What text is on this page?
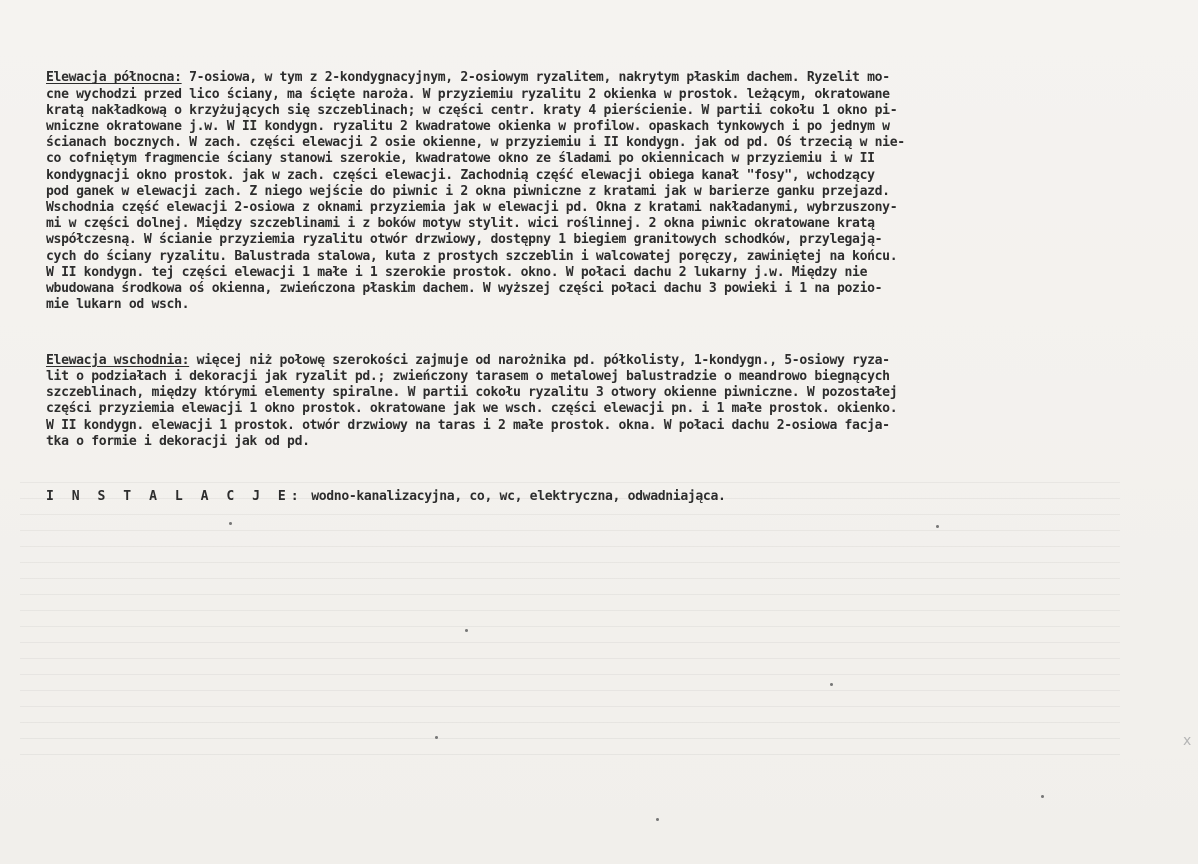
Elewacja północna: 7-osiowa, w tym z 2-kondygnacyjnym, 2-osiowym ryzalitem, nakrytym płaskim dachem. Ryzelit mo-
cne wychodzi przed lico ściany, ma ścięte naroża. W przyziemiu ryzalitu 2 okienka w prostok. leżącym, okratowane
kratą nakładkową o krzyżujących się szczeblinach; w części centr. kraty 4 pierścienie. W partii cokołu 1 okno pi-
wniczne okratowane j.w. W II kondygn. ryzalitu 2 kwadratowe okienka w profilow. opaskach tynkowych i po jednym w
ścianach bocznych. W zach. części elewacji 2 osie okienne, w przyziemiu i II kondygn. jak od pd. Oś trzecią w nie-
co cofniętym fragmencie ściany stanowi szerokie, kwadratowe okno ze śladami po okiennicach w przyziemiu i w II
kondygnacji okno prostok. jak w zach. części elewacji. Zachodnią część elewacji obiega kanał "fosy", wchodzący
pod ganek w elewacji zach. Z niego wejście do piwnic i 2 okna piwniczne z kratami jak w barierze ganku przejazd.
Wschodnia część elewacji 2-osiowa z oknami przyziemia jak w elewacji pd. Okna z kratami nakładanymi, wybrzuszony-
mi w części dolnej. Między szczeblinami i z boków motyw stylit. wici roślinnej. 2 okna piwnic okratowane kratą
współczesną. W ścianie przyziemia ryzalitu otwór drzwiowy, dostępny 1 biegiem granitowych schodków, przylegają-
cych do ściany ryzalitu. Balustrada stalowa, kuta z prostych szczeblin i walcowatej poręczy, zawiniętej na końcu.
W II kondygn. tej części elewacji 1 małe i 1 szerokie prostok. okno. W połaci dachu 2 lukarny j.w. Między nie
wbudowana środkowa oś okienna, zwieńczona płaskim dachem. W wyższej części połaci dachu 3 powieki i 1 na pozio-
mie lukarn od wsch.

Elewacja wschodnia: więcej niż połowę szerokości zajmuje od narożnika pd. półkolisty, 1-kondygn., 5-osiowy ryza-
lit o podziałach i dekoracji jak ryzalit pd.; zwieńczony tarasem o metalowej balustradzie o meandrowo biegnących
szczeblinach, między którymi elementy spiralne. W partii cokołu ryzalitu 3 otwory okienne piwniczne. W pozostałej
części przyziemia elewacji 1 okno prostok. okratowane jak we wsch. części elewacji pn. i 1 małe prostok. okienko.
W II kondygn. elewacji 1 prostok. otwór drzwiowy na taras i 2 małe prostok. okna. W połaci dachu 2-osiowa facja-
tka o formie i dekoracji jak od pd.

I N S T A L A C J E: wodno-kanalizacyjna, co, wc, elektryczna, odwadniająca.

x
